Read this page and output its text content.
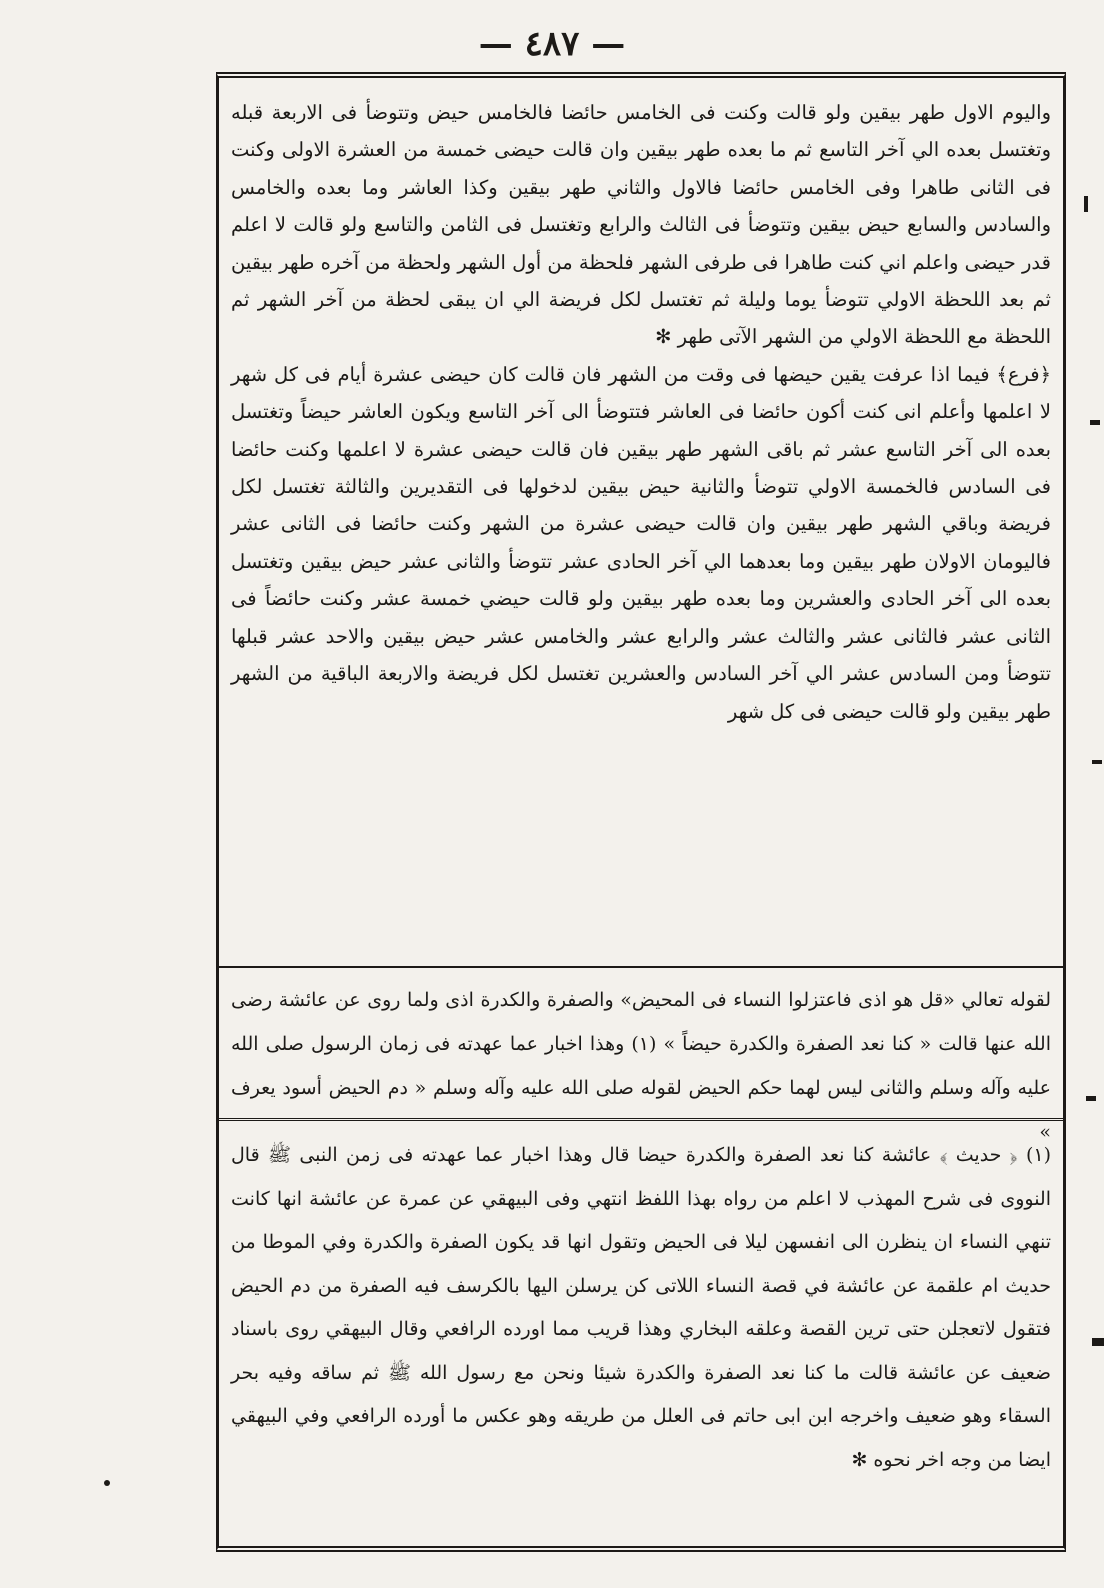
— ٤٨٧ —

واليوم الاول طهر بيقين ولو قالت وكنت فى الخامس حائضا فالخامس حيض وتتوضأ فى الاربعة قبله وتغتسل بعده الي آخر التاسع ثم ما بعده طهر بيقين وان قالت حيضى خمسة من العشرة الاولى وكنت فى الثانى طاهرا وفى الخامس حائضا فالاول والثاني طهر بيقين وكذا العاشر وما بعده والخامس والسادس والسابع حيض بيقين وتتوضأ فى الثالث والرابع وتغتسل فى الثامن والتاسع ولو قالت لا اعلم قدر حيضى واعلم اني كنت طاهرا فى طرفى الشهر فلحظة من أول الشهر ولحظة من آخره طهر بيقين ثم بعد اللحظة الاولي تتوضأ يوما وليلة ثم تغتسل لكل فريضة الي ان يبقى لحظة من آخر الشهر ثم اللحظة مع اللحظة الاولي من الشهر الآتى طهر ✻

﴿فرع﴾ فيما اذا عرفت يقين حيضها فى وقت من الشهر فان قالت كان حيضى عشرة أيام فى كل شهر لا اعلمها وأعلم انى كنت أكون حائضا فى العاشر فتتوضأ الى آخر التاسع ويكون العاشر حيضاً وتغتسل بعده الى آخر التاسع عشر ثم باقى الشهر طهر بيقين فان قالت حيضى عشرة لا اعلمها وكنت حائضا فى السادس فالخمسة الاولي تتوضأ والثانية حيض بيقين لدخولها فى التقديرين والثالثة تغتسل لكل فريضة وباقي الشهر طهر بيقين وان قالت حيضى عشرة من الشهر وكنت حائضا فى الثانى عشر فاليومان الاولان طهر بيقين وما بعدهما الي آخر الحادى عشر تتوضأ والثانى عشر حيض بيقين وتغتسل بعده الى آخر الحادى والعشرين وما بعده طهر بيقين ولو قالت حيضي خمسة عشر وكنت حائضاً فى الثانى عشر فالثانى عشر والثالث عشر والرابع عشر والخامس عشر حيض بيقين والاحد عشر قبلها تتوضأ ومن السادس عشر الي آخر السادس والعشرين تغتسل لكل فريضة والاربعة الباقية من الشهر طهر بيقين ولو قالت حيضى فى كل شهر

لقوله تعالي «قل هو اذى فاعتزلوا النساء فى المحيض» والصفرة والكدرة اذى ولما روى عن عائشة رضى الله عنها قالت « كنا نعد الصفرة والكدرة حيضاً » (١) وهذا اخبار عما عهدته فى زمان الرسول صلى الله عليه وآله وسلم والثانى ليس لهما حكم الحيض لقوله صلى الله عليه وآله وسلم « دم الحيض أسود يعرف »

(١) ﴿ حديث ﴾ عائشة كنا نعد الصفرة والكدرة حيضا قال وهذا اخبار عما عهدته فى زمن النبى ﷺ قال النووى فى شرح المهذب لا اعلم من رواه بهذا اللفظ انتهي وفى البيهقي عن عمرة عن عائشة انها كانت تنهي النساء ان ينظرن الى انفسهن ليلا فى الحيض وتقول انها قد يكون الصفرة والكدرة وفي الموطا من حديث ام علقمة عن عائشة في قصة النساء اللاتى كن يرسلن اليها بالكرسف فيه الصفرة من دم الحيض فتقول لاتعجلن حتى ترين القصة وعلقه البخاري وهذا قريب مما اورده الرافعي وقال البيهقي روى باسناد ضعيف عن عائشة قالت ما كنا نعد الصفرة والكدرة شيئا ونحن مع رسول الله ﷺ ثم ساقه وفيه بحر السقاء وهو ضعيف واخرجه ابن ابى حاتم فى العلل من طريقه وهو عكس ما أورده الرافعي وفي البيهقي ايضا من وجه اخر نحوه ✻
